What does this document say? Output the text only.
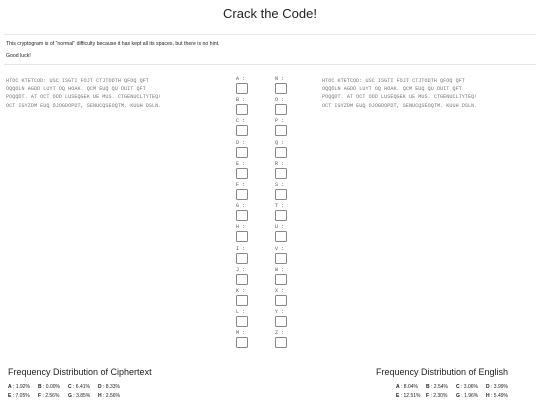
Crack the Code!
This cryptogram is of "normal" difficulty because it has kept all its spaces, but there is no hint.
Good luck!
HTOC KTETCOD: USC ISGTI FOJT CTJTODTH QFOQ QFT
OQQOLN AGDD LUYT OQ HOAK. QCM EUQ QU DUIT QFT
POQQDT. AT OCT ODD LUSEQGEK UE MUS. CTGENUCLTYTEQ!
OCT IGYZDM EUQ OJOGDOPDT, SENUCQSEOQTM. KUUH DSLN.
A :
B :
C :
D :
E :
F :
G :
H :
I :
J :
K :
L :
M :
N :
O :
P :
Q :
R :
S :
T :
U :
V :
W :
X :
Y :
Z :
HTOC KTETCOD: USC ISGTI FOJT CTJTODTH QFOQ QFT
OQQOLN AGDD LUYT OQ HOAK. QCM EUQ QU DUIT QFT
POQQDT. AT OCT ODD LUSEQGEK UE MUS. CTGENUCLTYTEQ!
OCT IGYZDM EUQ OJOGDOPDT, SENUCQSEOQTM. KUUH DSLN.
Frequency Distribution of Ciphertext
A : 1.92%	B : 0.00%	C : 6.41%	D : 8.33%
E : 7.05%	F : 2.56%	G : 3.85%	H : 2.56%
Frequency Distribution of English
A : 8.04%	B : 2.54%	C : 3.06%	D : 3.99%
E : 12.51%	F : 2.30%	G : 1.96%	H : 5.49%
